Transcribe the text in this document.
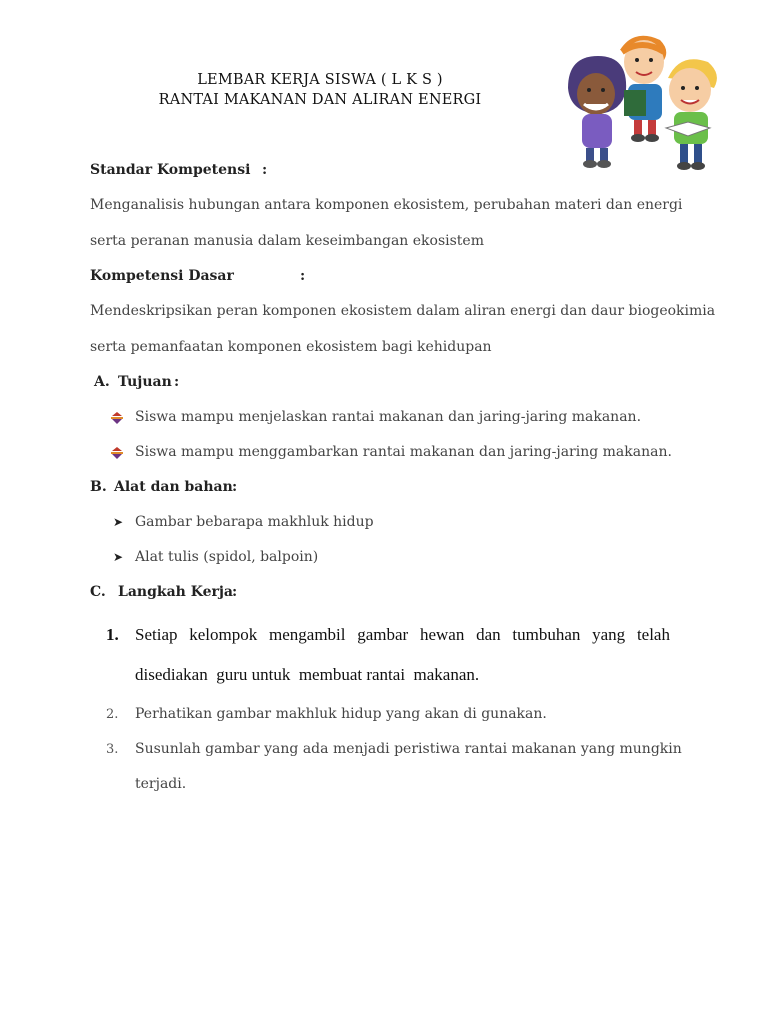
LEMBAR KERJA SISWA ( L K S )
RANTAI MAKANAN DAN ALIRAN ENERGI
Standar Kompetensi :
Menganalisis hubungan antara komponen ekosistem, perubahan materi dan energi
serta peranan manusia dalam keseimbangan ekosistem
Kompetensi Dasar	:
Mendeskripsikan peran komponen ekosistem dalam aliran energi dan daur biogeokimia
serta pemanfaatan komponen ekosistem bagi kehidupan
A. Tujuan :
Siswa mampu menjelaskan rantai makanan dan jaring-jaring makanan.
Siswa mampu menggambarkan rantai makanan dan jaring-jaring makanan.
B. Alat dan bahan :
➤ Gambar bebarapa makhluk hidup
➤ Alat tulis (spidol, balpoin)
C. Langkah Kerja :
1. Setiap kelompok mengambil gambar hewan dan tumbuhan yang telah
disediakan  guru untuk  membuat rantai  makanan.
2. Perhatikan gambar makhluk hidup yang akan di gunakan.
3. Susunlah gambar yang ada menjadi peristiwa rantai makanan yang mungkin
terjadi.
